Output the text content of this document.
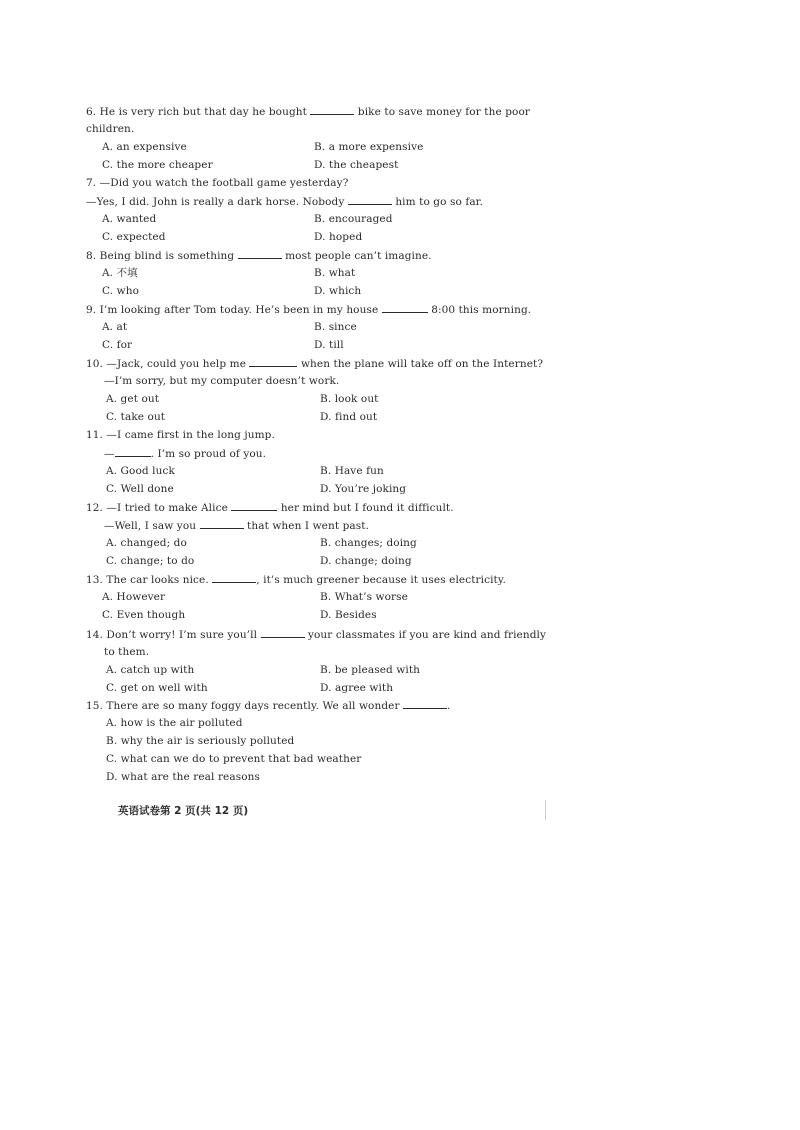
6. He is very rich but that day he bought	bike to save money for the poor
children.
A. an expensive	B. a more expensive
C. the more cheaper	D. the cheapest
7. —Did you watch the football game yesterday?
—Yes, I did. John is really a dark horse. Nobody	him to go so far.
A. wanted	B. encouraged
C. expected	D. hoped
8. Being blind is something	most people can’t imagine.
A. 不填	B. what
C. who	D. which
9. I’m looking after Tom today. He’s been in my house	8:00 this morning.
A. at	B. since
C. for	D. till
10. —Jack, could you help me	when the plane will take off on the Internet?
—I’m sorry, but my computer doesn’t work.
A. get out	B. look out
C. take out	D. find out
11. —I came first in the long jump.
—	. I’m so proud of you.
A. Good luck	B. Have fun
C. Well done	D. You’re joking
12. —I tried to make Alice	her mind but I found it difficult.
—Well, I saw you	that when I went past.
A. changed; do	B. changes; doing
C. change; to do	D. change; doing
13. The car looks nice.	, it’s much greener because it uses electricity.
A. However	B. What’s worse
C. Even though	D. Besides
14. Don’t worry! I’m sure you’ll	your classmates if you are kind and friendly
to them.
A. catch up with	B. be pleased with
C. get on well with	D. agree with
15. There are so many foggy days recently. We all wonder	.
A. how is the air polluted
B. why the air is seriously polluted
C. what can we do to prevent that bad weather
D. what are the real reasons
英语试卷第 2 页(共 12 页)
